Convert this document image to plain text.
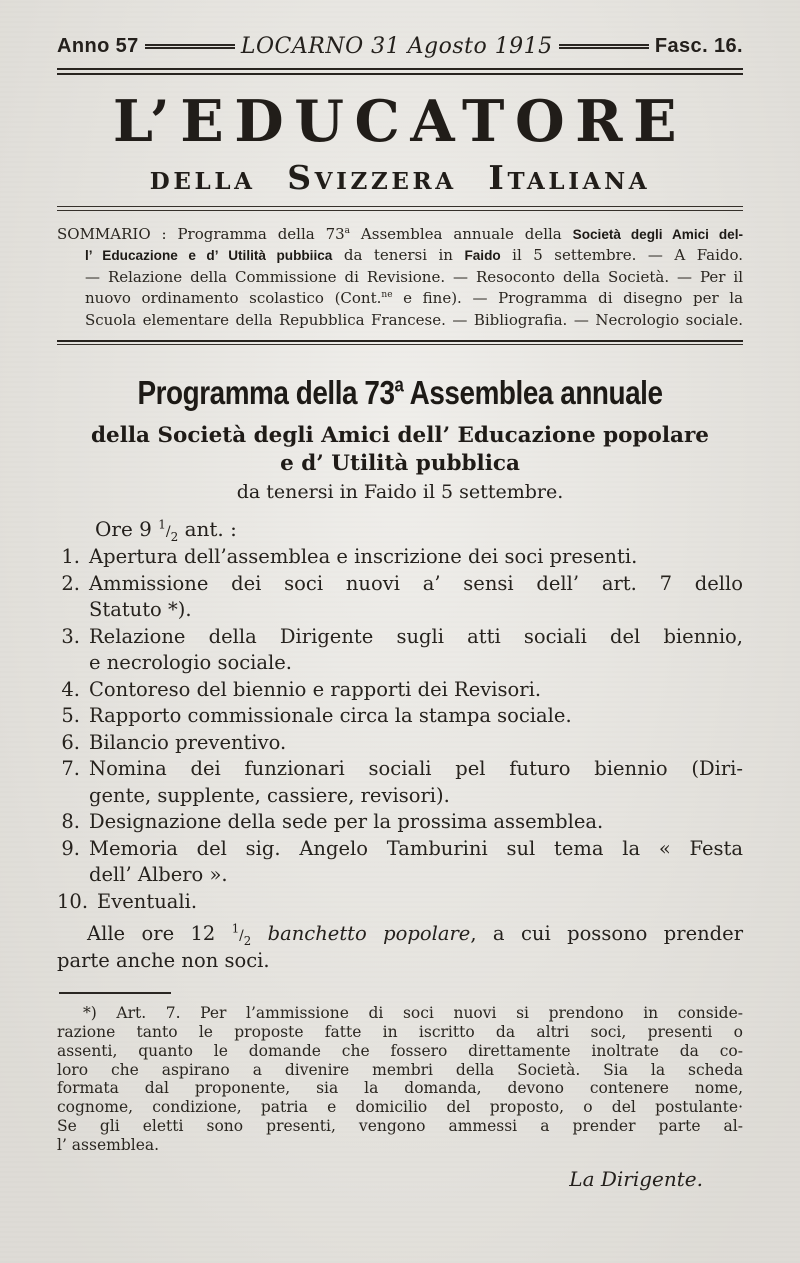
Anno 57	LOCARNO 31 Agosto 1915	Fasc. 16.
L’EDUCATORE
della Svizzera Italiana
SOMMARIO : Programma della 73$^a$ Assemblea annuale della Società degli Amici del-
l’ Educazione e d’ Utilità pubbiica da tenersi in Faido il 5 settembre. — A Faido.
— Relazione della Commissione di Revisione. — Resoconto della Società. — Per il
nuovo ordinamento scolastico (Cont.$^{ne}$ e fine). — Programma di disegno per la
Scuola elementare della Repubblica Francese. — Bibliografia. — Necrologio sociale.
Programma della 73$^a$ Assemblea annuale
della Società degli Amici dell’ Educazione popolare
e d’ Utilità pubblica
da tenersi in Faido il 5 settembre.
Ore 9 $^1/_2$ ant. :
1. Apertura dell’assemblea e inscrizione dei soci presenti.
2. Ammissione dei soci nuovi a’ sensi dell’ art. 7 dello
Statuto *).
3. Relazione della Dirigente sugli atti sociali del biennio,
e necrologio sociale.
4. Contoreso del biennio e rapporti dei Revisori.
5. Rapporto commissionale circa la stampa sociale.
6. Bilancio preventivo.
7. Nomina dei funzionari sociali pel futuro biennio (Diri-
gente, supplente, cassiere, revisori).
8. Designazione della sede per la prossima assemblea.
9. Memoria del sig. Angelo Tamburini sul tema la « Festa
dell’ Albero ».
10. Eventuali.
Alle ore 12 $^1/_2$ banchetto popolare, a cui possono prender
parte anche non soci.
*) Art. 7. Per l’ammissione di soci nuovi si prendono in conside-
razione tanto le proposte fatte in iscritto da altri soci, presenti o
assenti, quanto le domande che fossero direttamente inoltrate da co-
loro che aspirano a divenire membri della Società. Sia la scheda
formata dal proponente, sia la domanda, devono contenere nome,
cognome, condizione, patria e domicilio del proposto, o del postulante·
Se gli eletti sono presenti, vengono ammessi a prender parte al-
l’ assemblea.
La Dirigente.
